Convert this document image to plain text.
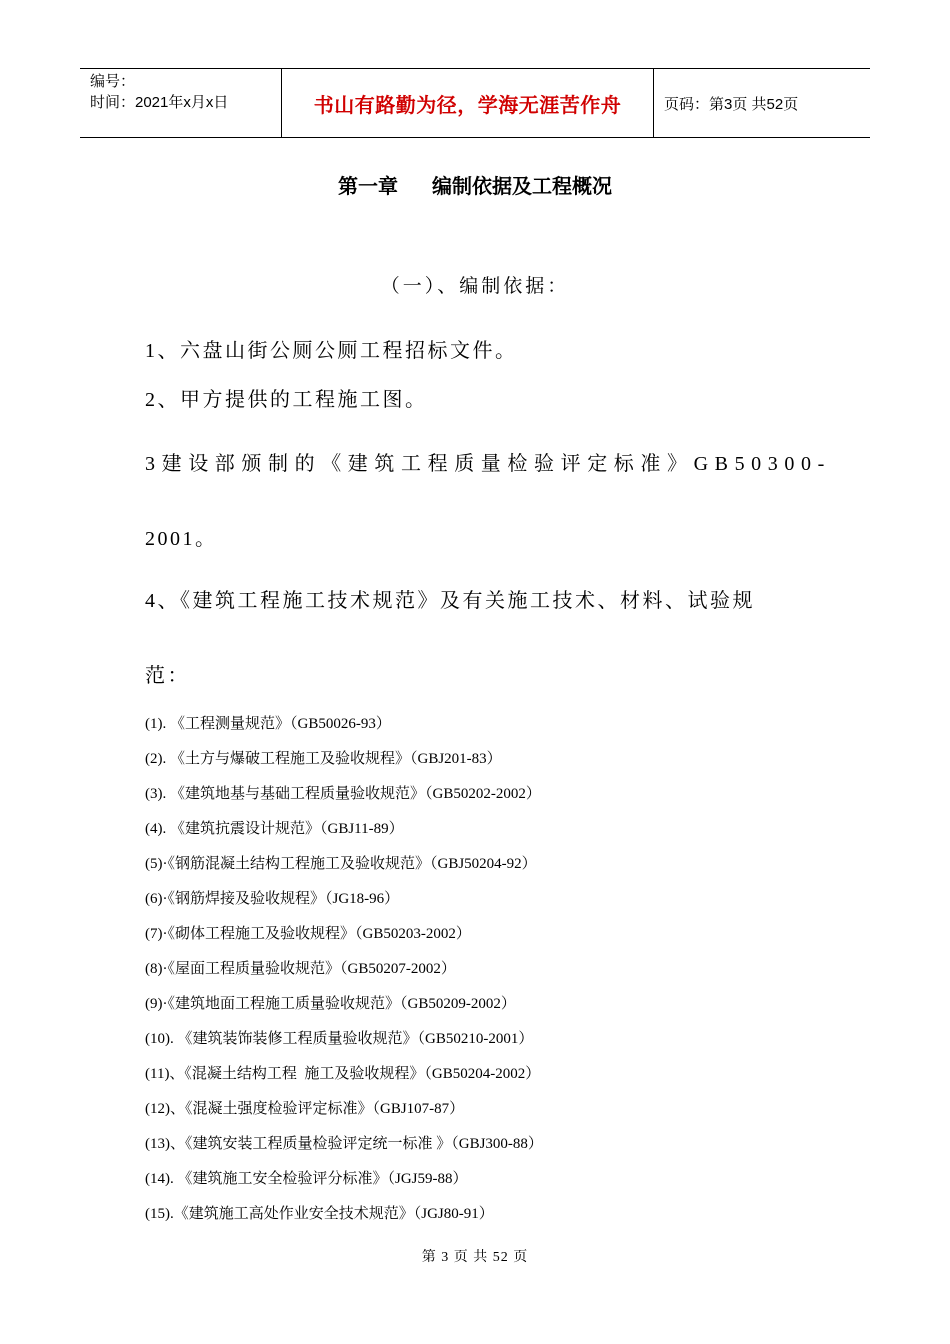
编号：
时间：2021年x月x日	书山有路勤为径，学海无涯苦作舟	页码：第3页 共52页
第一章 编制依据及工程概况
（一）、编制依据：
1、六盘山街公厕公厕工程招标文件。
2、甲方提供的工程施工图。
3建设部颁制的《建筑工程质量检验评定标准》GB50300-
2001。
4、《建筑工程施工技术规范》及有关施工技术、材料、试验规
范：
(1). 《工程测量规范》（GB50026-93）
(2). 《土方与爆破工程施工及验收规程》（GBJ201-83）
(3). 《建筑地基与基础工程质量验收规范》（GB50202-2002）
(4). 《建筑抗震设计规范》（GBJ11-89）
(5)·《钢筋混凝土结构工程施工及验收规范》（GBJ50204-92）
(6)·《钢筋焊接及验收规程》（JG18-96）
(7)·《砌体工程施工及验收规程》（GB50203-2002）
(8)·《屋面工程质量验收规范》（GB50207-2002）
(9)·《建筑地面工程施工质量验收规范》（GB50209-2002）
(10). 《建筑装饰装修工程质量验收规范》（GB50210-2001）
(11)、《混凝土结构工程  施工及验收规程》（GB50204-2002）
(12)、《混凝土强度检验评定标准》（GBJ107-87）
(13)、《建筑安装工程质量检验评定统一标准 》（GBJ300-88）
(14). 《建筑施工安全检验评分标准》（JGJ59-88）
(15).《建筑施工高处作业安全技术规范》（JGJ80-91）
第 3 页 共 52 页
